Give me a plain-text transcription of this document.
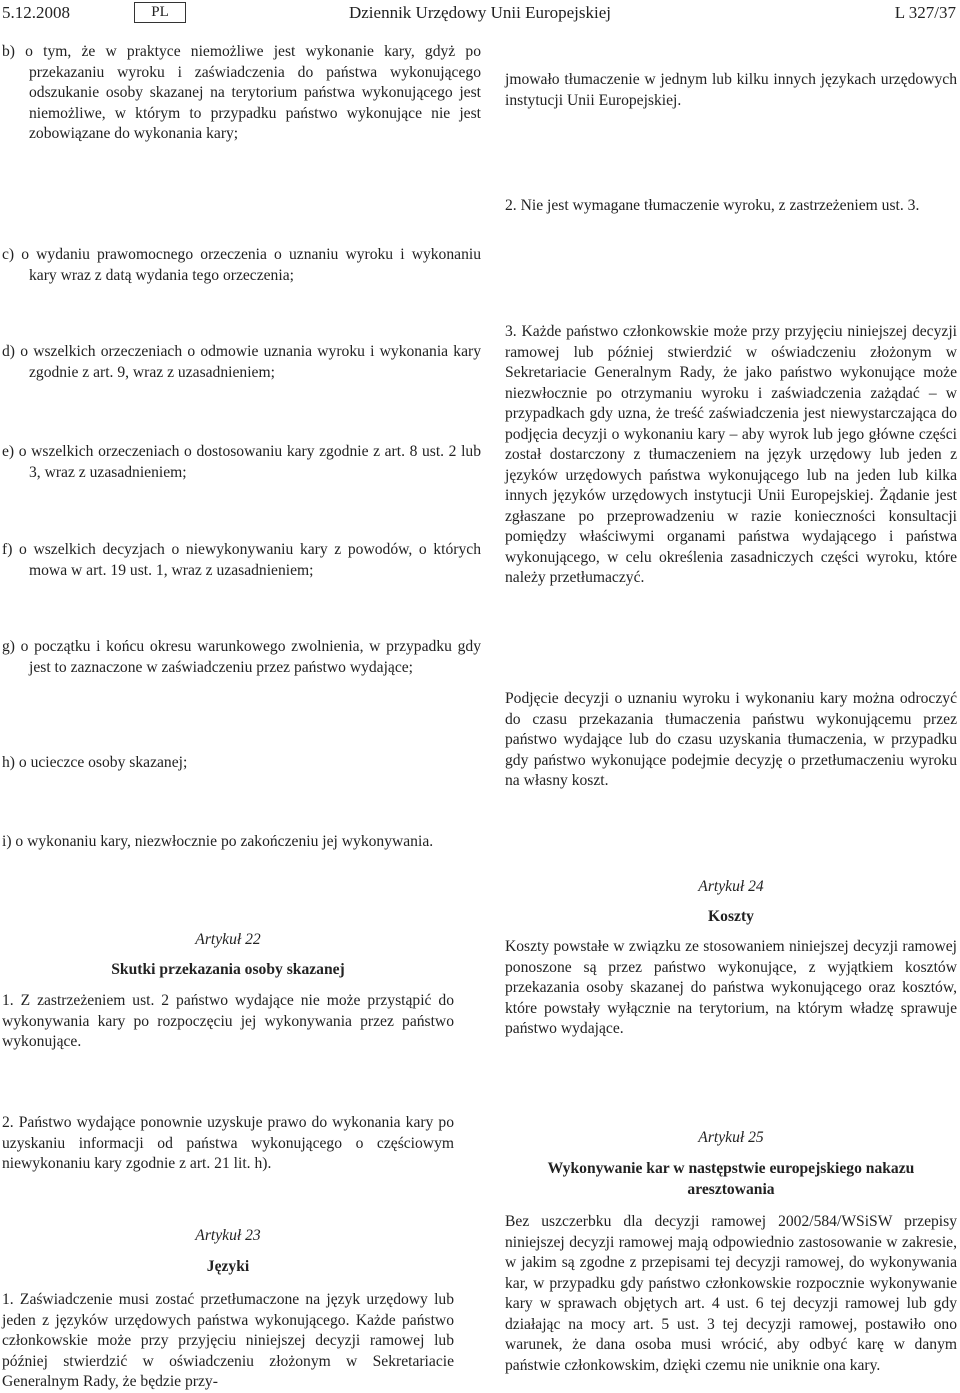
5.12.2008	PL	Dziennik Urzędowy Unii Europejskiej	L 327/37
b) o tym, że w praktyce niemożliwe jest wykonanie kary, gdyż po przekazaniu wyroku i zaświadczenia do państwa wykonującego odszukanie osoby skazanej na terytorium państwa wykonującego jest niemożliwe, w którym to przypadku państwo wykonujące nie jest zobowiązane do wykonania kary;
c) o wydaniu prawomocnego orzeczenia o uznaniu wyroku i wykonaniu kary wraz z datą wydania tego orzeczenia;
d) o wszelkich orzeczeniach o odmowie uznania wyroku i wykonania kary zgodnie z art. 9, wraz z uzasadnieniem;
e) o wszelkich orzeczeniach o dostosowaniu kary zgodnie z art. 8 ust. 2 lub 3, wraz z uzasadnieniem;
f) o wszelkich decyzjach o niewykonywaniu kary z powodów, o których mowa w art. 19 ust. 1, wraz z uzasadnieniem;
g) o początku i końcu okresu warunkowego zwolnienia, w przypadku gdy jest to zaznaczone w zaświadczeniu przez państwo wydające;
h) o ucieczce osoby skazanej;
i) o wykonaniu kary, niezwłocznie po zakończeniu jej wykonywania.
Artykuł 22
Skutki przekazania osoby skazanej
1. Z zastrzeżeniem ust. 2 państwo wydające nie może przystąpić do wykonywania kary po rozpoczęciu jej wykonywania przez państwo wykonujące.
2. Państwo wydające ponownie uzyskuje prawo do wykonania kary po uzyskaniu informacji od państwa wykonującego o częściowym niewykonaniu kary zgodnie z art. 21 lit. h).
Artykuł 23
Języki
1. Zaświadczenie musi zostać przetłumaczone na język urzędowy lub jeden z języków urzędowych państwa wykonującego. Każde państwo członkowskie może przy przyjęciu niniejszej decyzji ramowej lub później stwierdzić w oświadczeniu złożonym w Sekretariacie Generalnym Rady, że będzie przy-
jmowało tłumaczenie w jednym lub kilku innych językach urzędowych instytucji Unii Europejskiej.
2. Nie jest wymagane tłumaczenie wyroku, z zastrzeżeniem ust. 3.
3. Każde państwo członkowskie może przy przyjęciu niniejszej decyzji ramowej lub później stwierdzić w oświadczeniu złożonym w Sekretariacie Generalnym Rady, że jako państwo wykonujące może niezwłocznie po otrzymaniu wyroku i zaświadczenia zażądać – w przypadkach gdy uzna, że treść zaświadczenia jest niewystarczająca do podjęcia decyzji o wykonaniu kary – aby wyrok lub jego główne części został dostarczony z tłumaczeniem na język urzędowy lub jeden z języków urzędowych państwa wykonującego lub na jeden lub kilka innych języków urzędowych instytucji Unii Europejskiej. Żądanie jest zgłaszane po przeprowadzeniu w razie konieczności konsultacji pomiędzy właściwymi organami państwa wydającego i państwa wykonującego, w celu określenia zasadniczych części wyroku, które należy przetłumaczyć.
Podjęcie decyzji o uznaniu wyroku i wykonaniu kary można odroczyć do czasu przekazania tłumaczenia państwu wykonującemu przez państwo wydające lub do czasu uzyskania tłumaczenia, w przypadku gdy państwo wykonujące podejmie decyzję o przetłumaczeniu wyroku na własny koszt.
Artykuł 24
Koszty
Koszty powstałe w związku ze stosowaniem niniejszej decyzji ramowej ponoszone są przez państwo wykonujące, z wyjątkiem kosztów przekazania osoby skazanej do państwa wykonującego oraz kosztów, które powstały wyłącznie na terytorium, na którym władzę sprawuje państwo wydające.
Artykuł 25
Wykonywanie kar w następstwie europejskiego nakazu aresztowania
Bez uszczerbku dla decyzji ramowej 2002/584/WSiSW przepisy niniejszej decyzji ramowej mają odpowiednio zastosowanie w zakresie, w jakim są zgodne z przepisami tej decyzji ramowej, do wykonywania kar, w przypadku gdy państwo członkowskie rozpocznie wykonywanie kary w sprawach objętych art. 4 ust. 6 tej decyzji ramowej lub gdy działając na mocy art. 5 ust. 3 tej decyzji ramowej, postawiło ono warunek, że dana osoba musi wrócić, aby odbyć karę w danym państwie członkowskim, dzięki czemu nie uniknie ona kary.
